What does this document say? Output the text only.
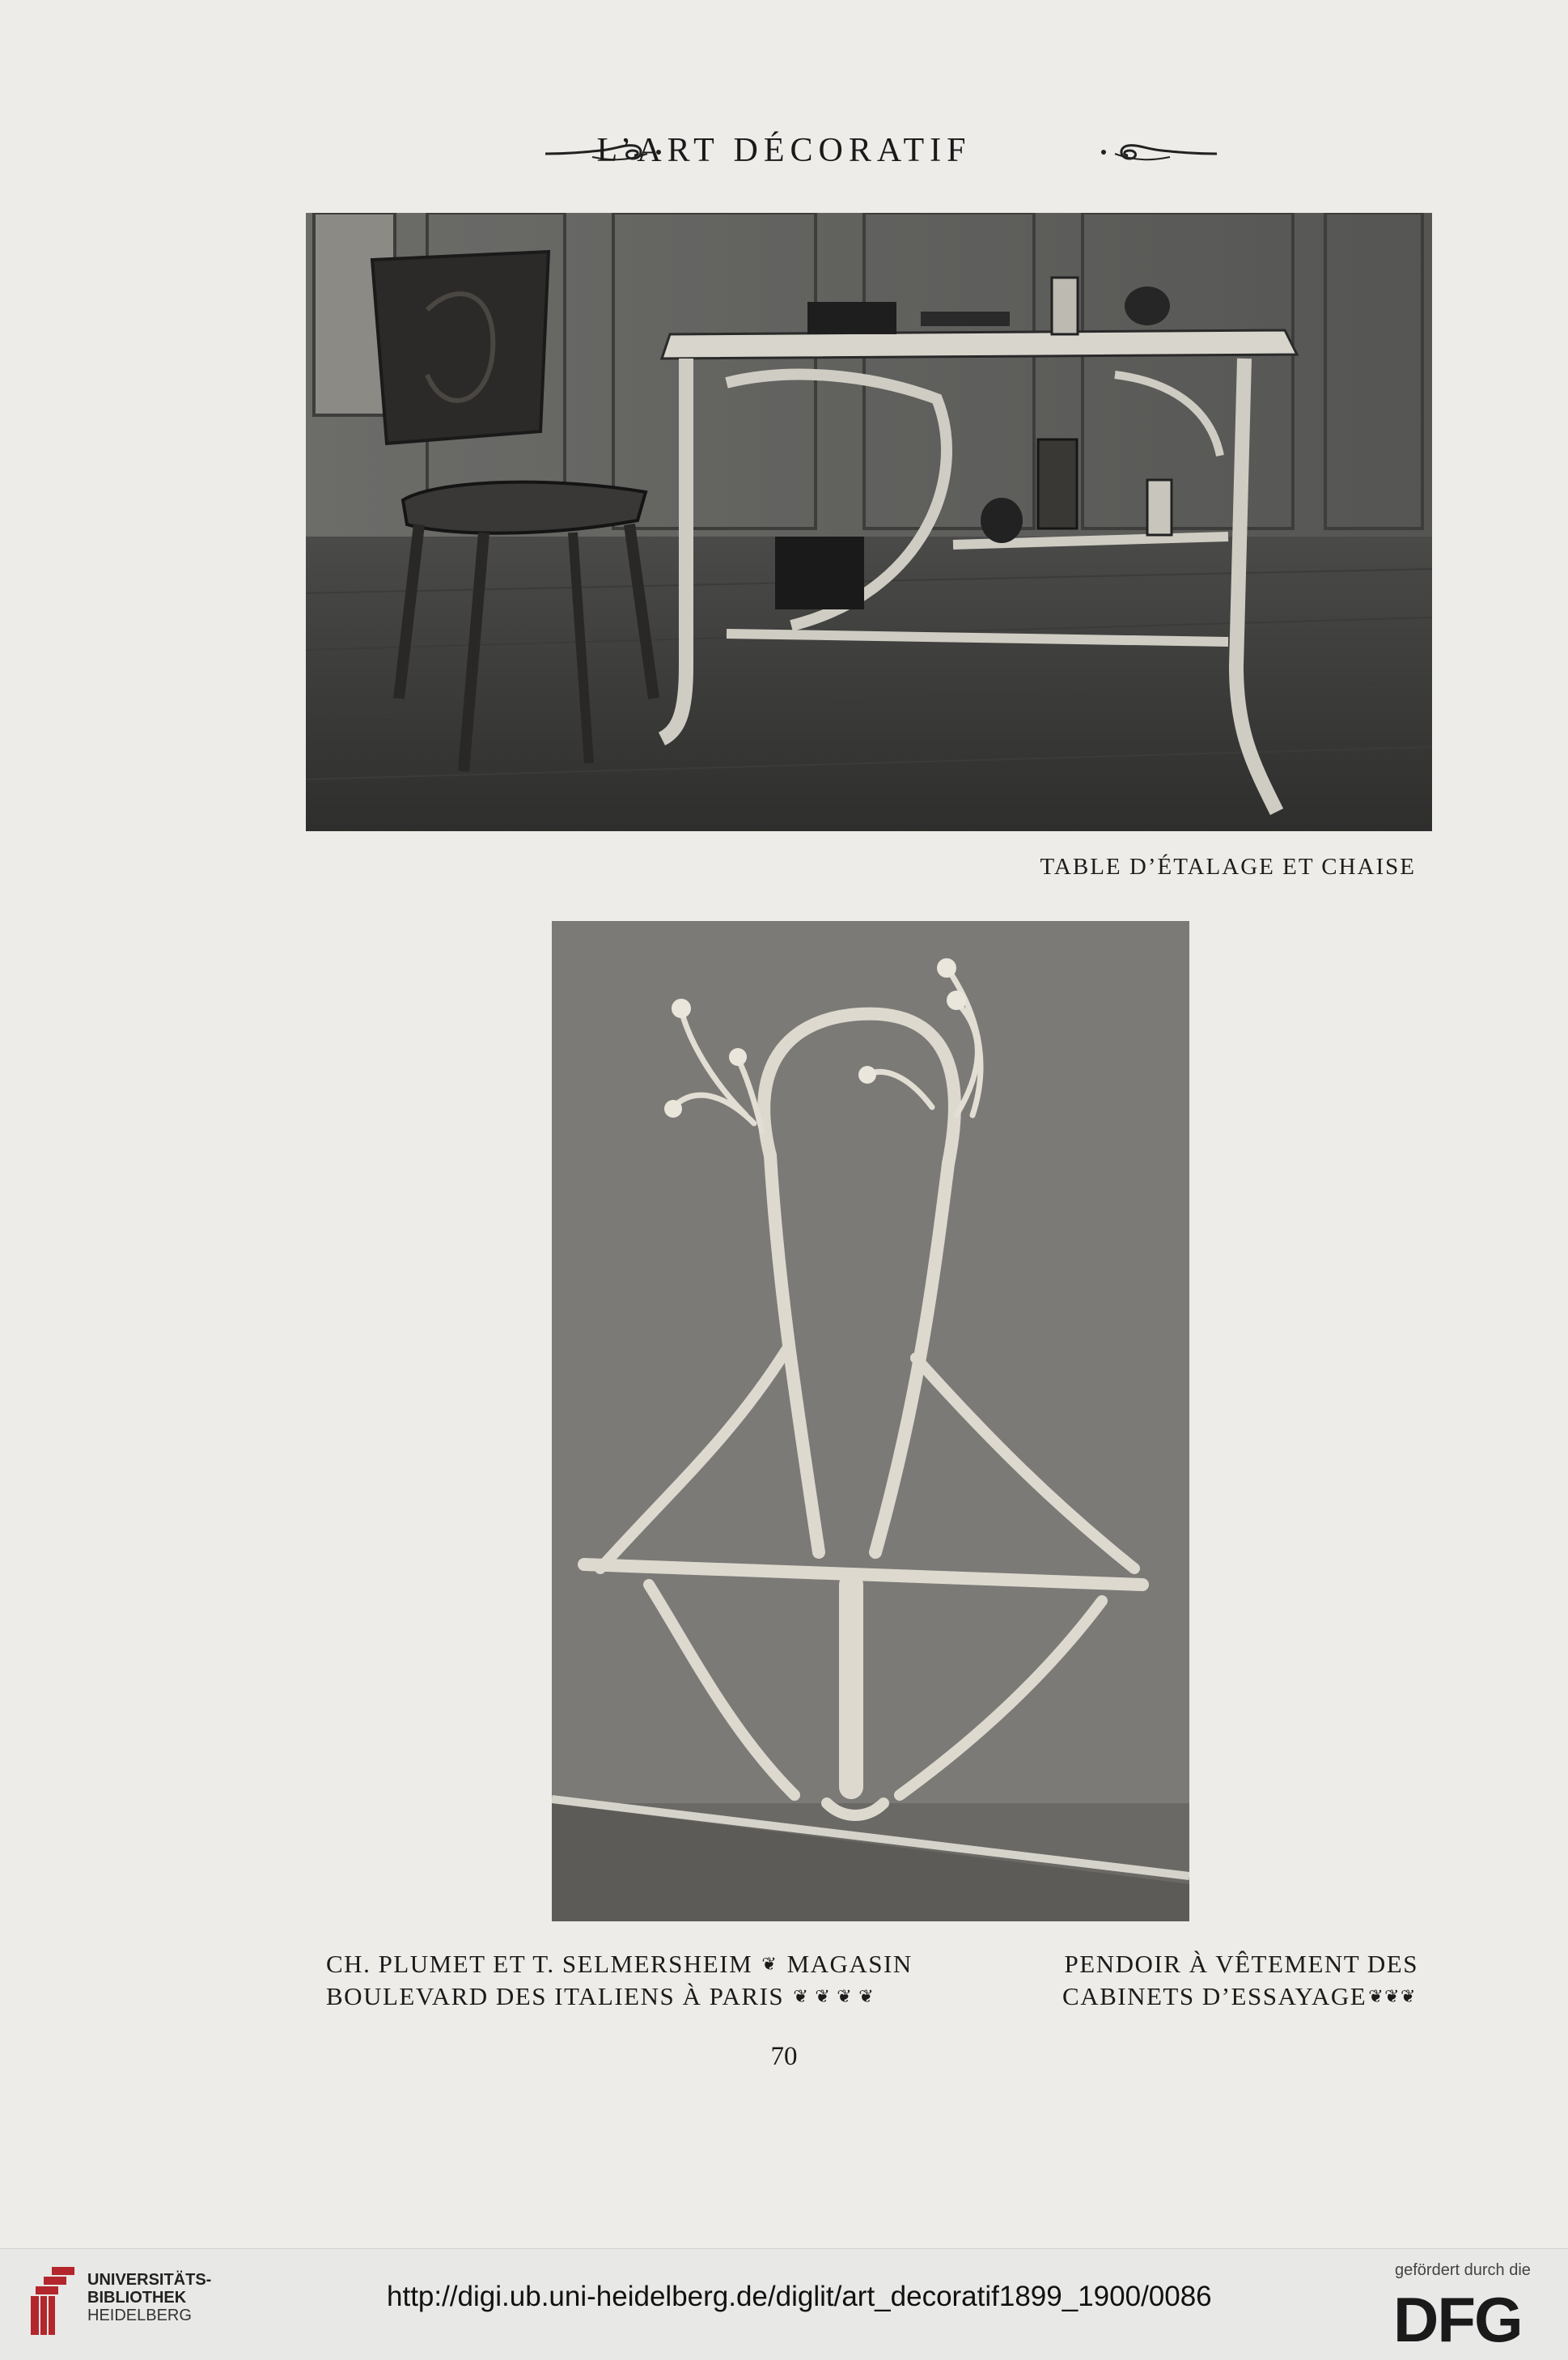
L’ART DÉCORATIF
TABLE D’ÉTALAGE ET CHAISE
CH. PLUMET ET T. SELMERSHEIM ❦ MAGASIN
BOULEVARD DES ITALIENS À PARIS ❦ ❦ ❦ ❦
PENDOIR À VÊTEMENT DES
CABINETS D’ESSAYAGE❦❦❦
70
UNIVERSITÄTS-
BIBLIOTHEK
HEIDELBERG
http://digi.ub.uni-heidelberg.de/diglit/art_decoratif1899_1900/0086
gefördert durch die
DFG
